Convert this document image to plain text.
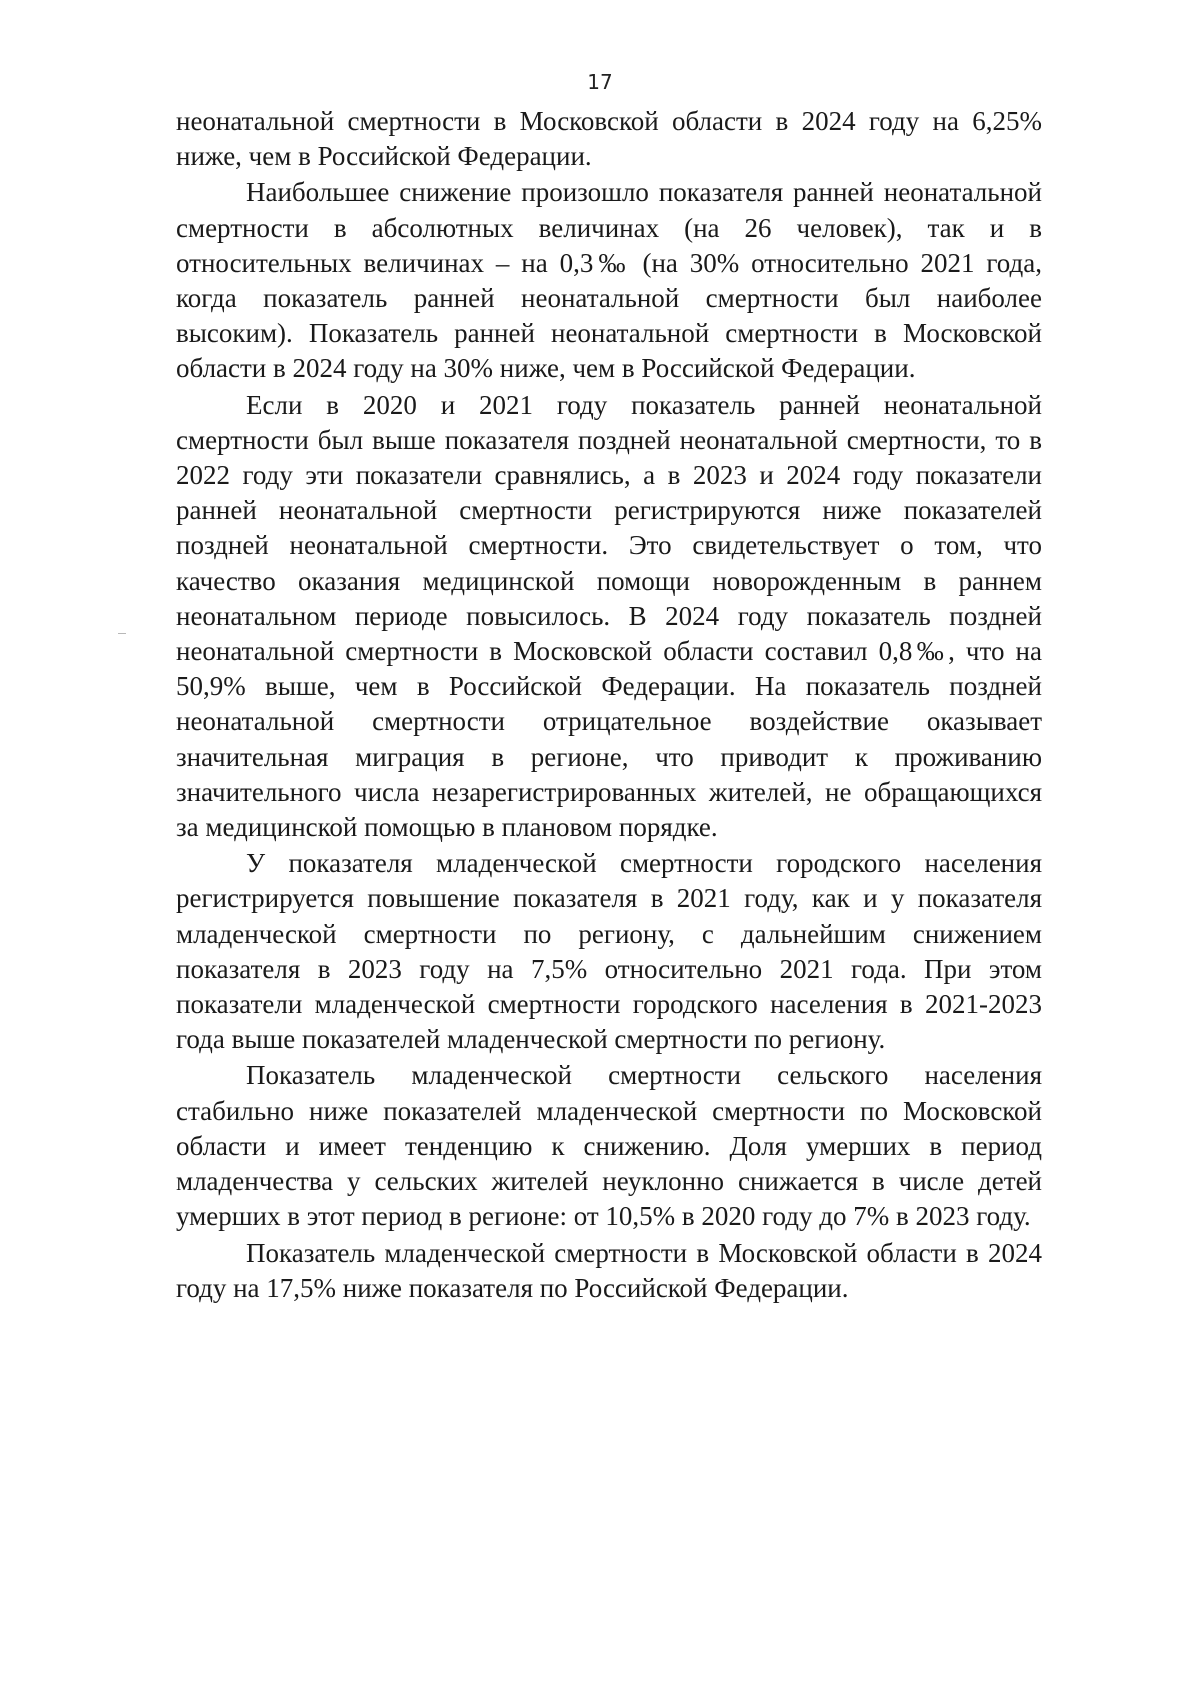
17

неонатальной смертности в Московской области в 2024 году на 6,25% ниже, чем в Российской Федерации.

Наибольшее снижение произошло показателя ранней неонатальной смертности в абсолютных величинах (на 26 человек), так и в относительных величинах – на 0,3‰ (на 30% относительно 2021 года, когда показатель ранней неонатальной смертности был наиболее высоким). Показатель ранней неонатальной смертности в Московской области в 2024 году на 30% ниже, чем в Российской Федерации.

Если в 2020 и 2021 году показатель ранней неонатальной смертности был выше показателя поздней неонатальной смертности, то в 2022 году эти показатели сравнялись, а в 2023 и 2024 году показатели ранней неонатальной смертности регистрируются ниже показателей поздней неонатальной смертности. Это свидетельствует о том, что качество оказания медицинской помощи новорожденным в раннем неонатальном периоде повысилось. В 2024 году показатель поздней неонатальной смертности в Московской области составил 0,8‰, что на 50,9% выше, чем в Российской Федерации. На показатель поздней неонатальной смертности отрицательное воздействие оказывает значительная миграция в регионе, что приводит к проживанию значительного числа незарегистрированных жителей, не обращающихся за медицинской помощью в плановом порядке.

У показателя младенческой смертности городского населения регистрируется повышение показателя в 2021 году, как и у показателя младенческой смертности по региону, с дальнейшим снижением показателя в 2023 году на 7,5% относительно 2021 года. При этом показатели младенческой смертности городского населения в 2021-2023 года выше показателей младенческой смертности по региону.

Показатель младенческой смертности сельского населения стабильно ниже показателей младенческой смертности по Московской области и имеет тенденцию к снижению. Доля умерших в период младенчества у сельских жителей неуклонно снижается в числе детей умерших в этот период в регионе: от 10,5% в 2020 году до 7% в 2023 году.

Показатель младенческой смертности в Московской области в 2024 году на 17,5% ниже показателя по Российской Федерации.
